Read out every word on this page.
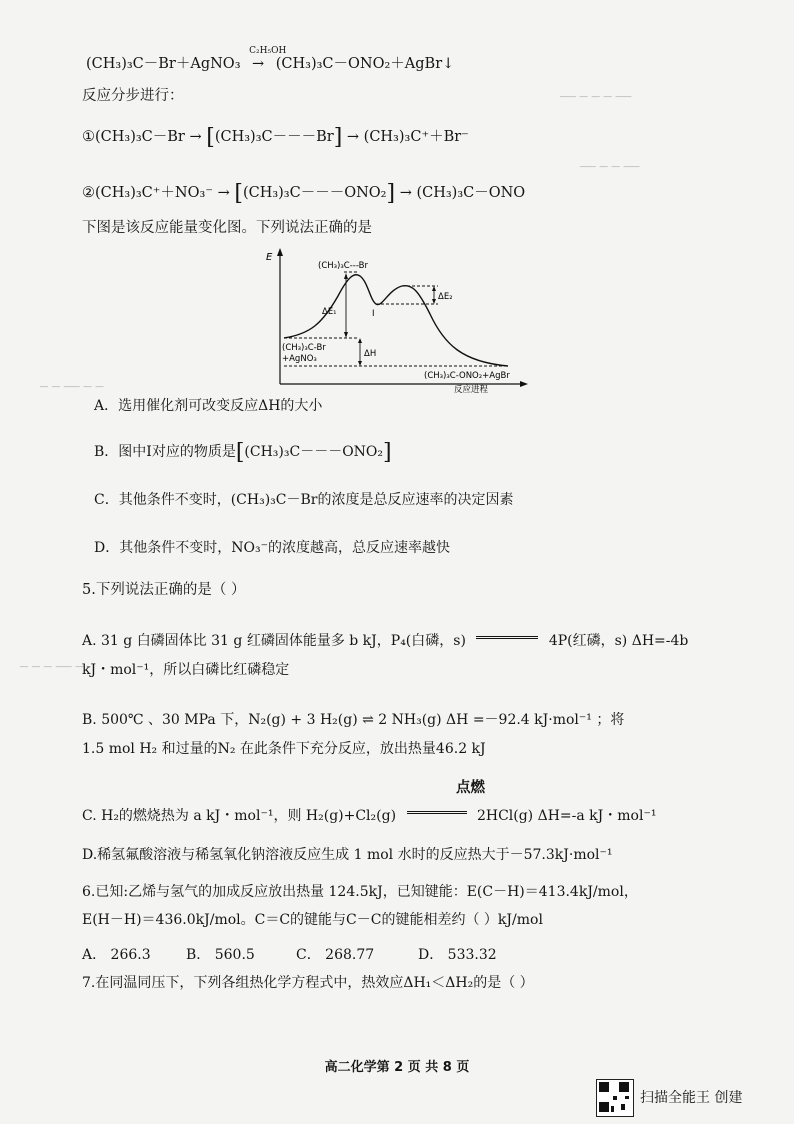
── ─ ─ ─ ──
── ─ ─ ──
─ ─ ── ─ ─
─ ─ ─ ── ─
(CH₃)₃C－Br＋AgNO₃
C₂H₅OH
→ (CH₃)₃C－ONO₂＋AgBr↓
反应分步进行：
①(CH₃)₃C－Br → [(CH₃)₃C－－－Br] → (CH₃)₃C⁺＋Br⁻
②(CH₃)₃C⁺＋NO₃⁻ → [(CH₃)₃C－－－ONO₂] → (CH₃)₃C－ONO
下图是该反应能量变化图。下列说法正确的是
E
(CH₃)₃C---Br
ΔE₁
ΔE₂
I
ΔH
(CH₃)₃C-Br
+AgNO₃
(CH₃)₃C-ONO₂+AgBr
反应进程
A．选用催化剂可改变反应ΔH的大小
B．图中I对应的物质是[(CH₃)₃C－－－ONO₂]
C．其他条件不变时，(CH₃)₃C－Br的浓度是总反应速率的决定因素
D．其他条件不变时，NO₃⁻的浓度越高，总反应速率越快
5.下列说法正确的是（ ）
A. 31 g 白磷固体比 31 g 红磷固体能量多 b kJ，P₄(白磷，s)	4P(红磷，s) ΔH=-4b
kJ・mol⁻¹，所以白磷比红磷稳定
B. 500℃ 、30 MPa 下，N₂(g) + 3 H₂(g) ⇌ 2 NH₃(g) ΔH =－92.4 kJ·mol⁻¹ ；将
1.5 mol H₂ 和过量的N₂ 在此条件下充分反应，放出热量46.2 kJ
点燃
C. H₂的燃烧热为 a kJ・mol⁻¹，则 H₂(g)+Cl₂(g)	2HCl(g) ΔH=-a kJ・mol⁻¹
D.稀氢氟酸溶液与稀氢氧化钠溶液反应生成 1 mol 水时的反应热大于－57.3kJ·mol⁻¹
6.已知:乙烯与氢气的加成反应放出热量 124.5kJ，已知键能：E(C－H)＝413.4kJ/mol，
E(H－H)＝436.0kJ/mol。C＝C的键能与C－C的键能相差约（ ）kJ/mol
A． 266.3	B． 560.5	C． 268.77	D． 533.32
7.在同温同压下，下列各组热化学方程式中，热效应ΔH₁＜ΔH₂的是（ ）
高二化学第 2 页 共 8 页
扫描全能王 创建
